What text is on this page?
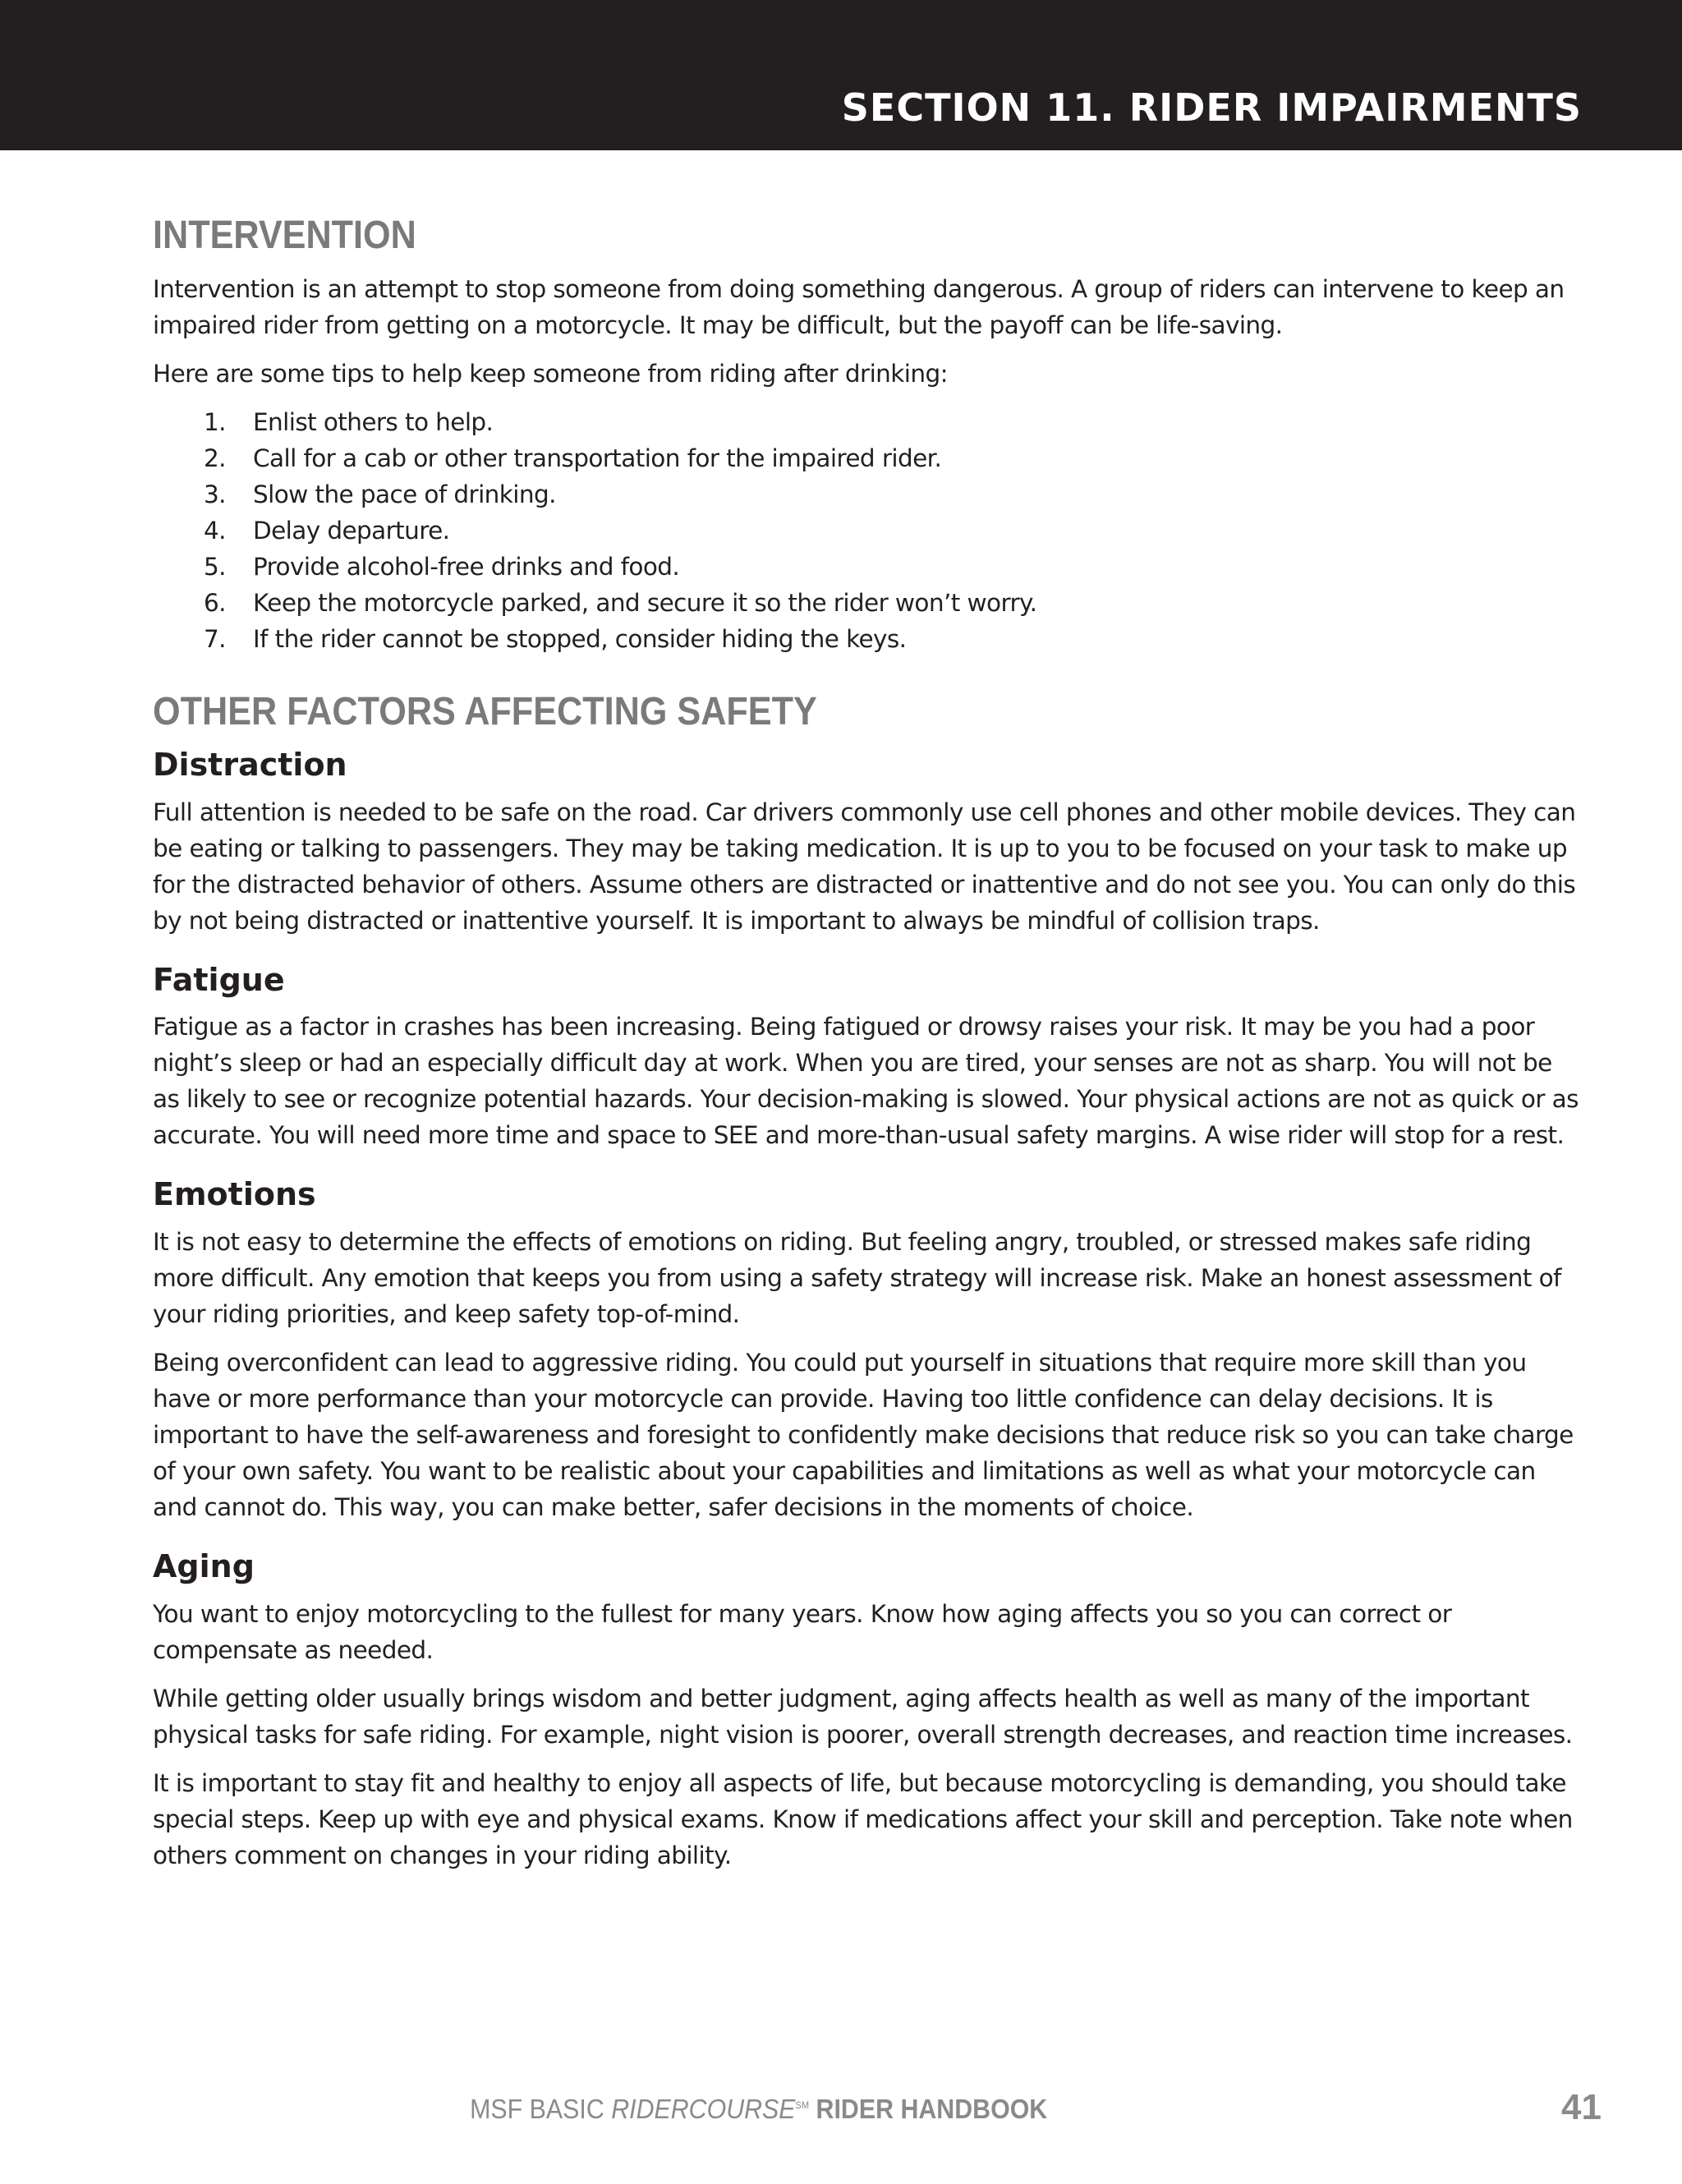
SECTION 11. RIDER IMPAIRMENTS
INTERVENTION

Intervention is an attempt to stop someone from doing something dangerous. A group of riders can intervene to keep an impaired rider from getting on a motorcycle. It may be difficult, but the payoff can be life-saving.

Here are some tips to help keep someone from riding after drinking:

1.	Enlist others to help.
2.	Call for a cab or other transportation for the impaired rider.
3.	Slow the pace of drinking.
4.	Delay departure.
5.	Provide alcohol-free drinks and food.
6.	Keep the motorcycle parked, and secure it so the rider won’t worry.
7.	If the rider cannot be stopped, consider hiding the keys.
OTHER FACTORS AFFECTING SAFETY
Distraction

Full attention is needed to be safe on the road. Car drivers commonly use cell phones and other mobile devices. They can be eating or talking to passengers. They may be taking medication. It is up to you to be focused on your task to make up for the distracted behavior of others. Assume others are distracted or inattentive and do not see you. You can only do this by not being distracted or inattentive yourself. It is important to always be mindful of collision traps.

Fatigue

Fatigue as a factor in crashes has been increasing. Being fatigued or drowsy raises your risk. It may be you had a poor night’s sleep or had an especially difficult day at work. When you are tired, your senses are not as sharp. You will not be as likely to see or recognize potential hazards. Your decision-making is slowed. Your physical actions are not as quick or as accurate. You will need more time and space to SEE and more-than-usual safety margins. A wise rider will stop for a rest.

Emotions

It is not easy to determine the effects of emotions on riding. But feeling angry, troubled, or stressed makes safe riding more difficult. Any emotion that keeps you from using a safety strategy will increase risk. Make an honest assessment of your riding priorities, and keep safety top-of-mind.

Being overconfident can lead to aggressive riding. You could put yourself in situations that require more skill than you have or more performance than your motorcycle can provide. Having too little confidence can delay decisions. It is important to have the self-awareness and foresight to confidently make decisions that reduce risk so you can take charge of your own safety. You want to be realistic about your capabilities and limitations as well as what your motorcycle can and cannot do. This way, you can make better, safer decisions in the moments of choice.

Aging

You want to enjoy motorcycling to the fullest for many years. Know how aging affects you so you can correct or compensate as needed.

While getting older usually brings wisdom and better judgment, aging affects health as well as many of the important physical tasks for safe riding. For example, night vision is poorer, overall strength decreases, and reaction time increases.

It is important to stay fit and healthy to enjoy all aspects of life, but because motorcycling is demanding, you should take special steps. Keep up with eye and physical exams. Know if medications affect your skill and perception. Take note when others comment on changes in your riding ability.

MSF BASIC RIDERCOURSE℠ RIDER HANDBOOK	41
